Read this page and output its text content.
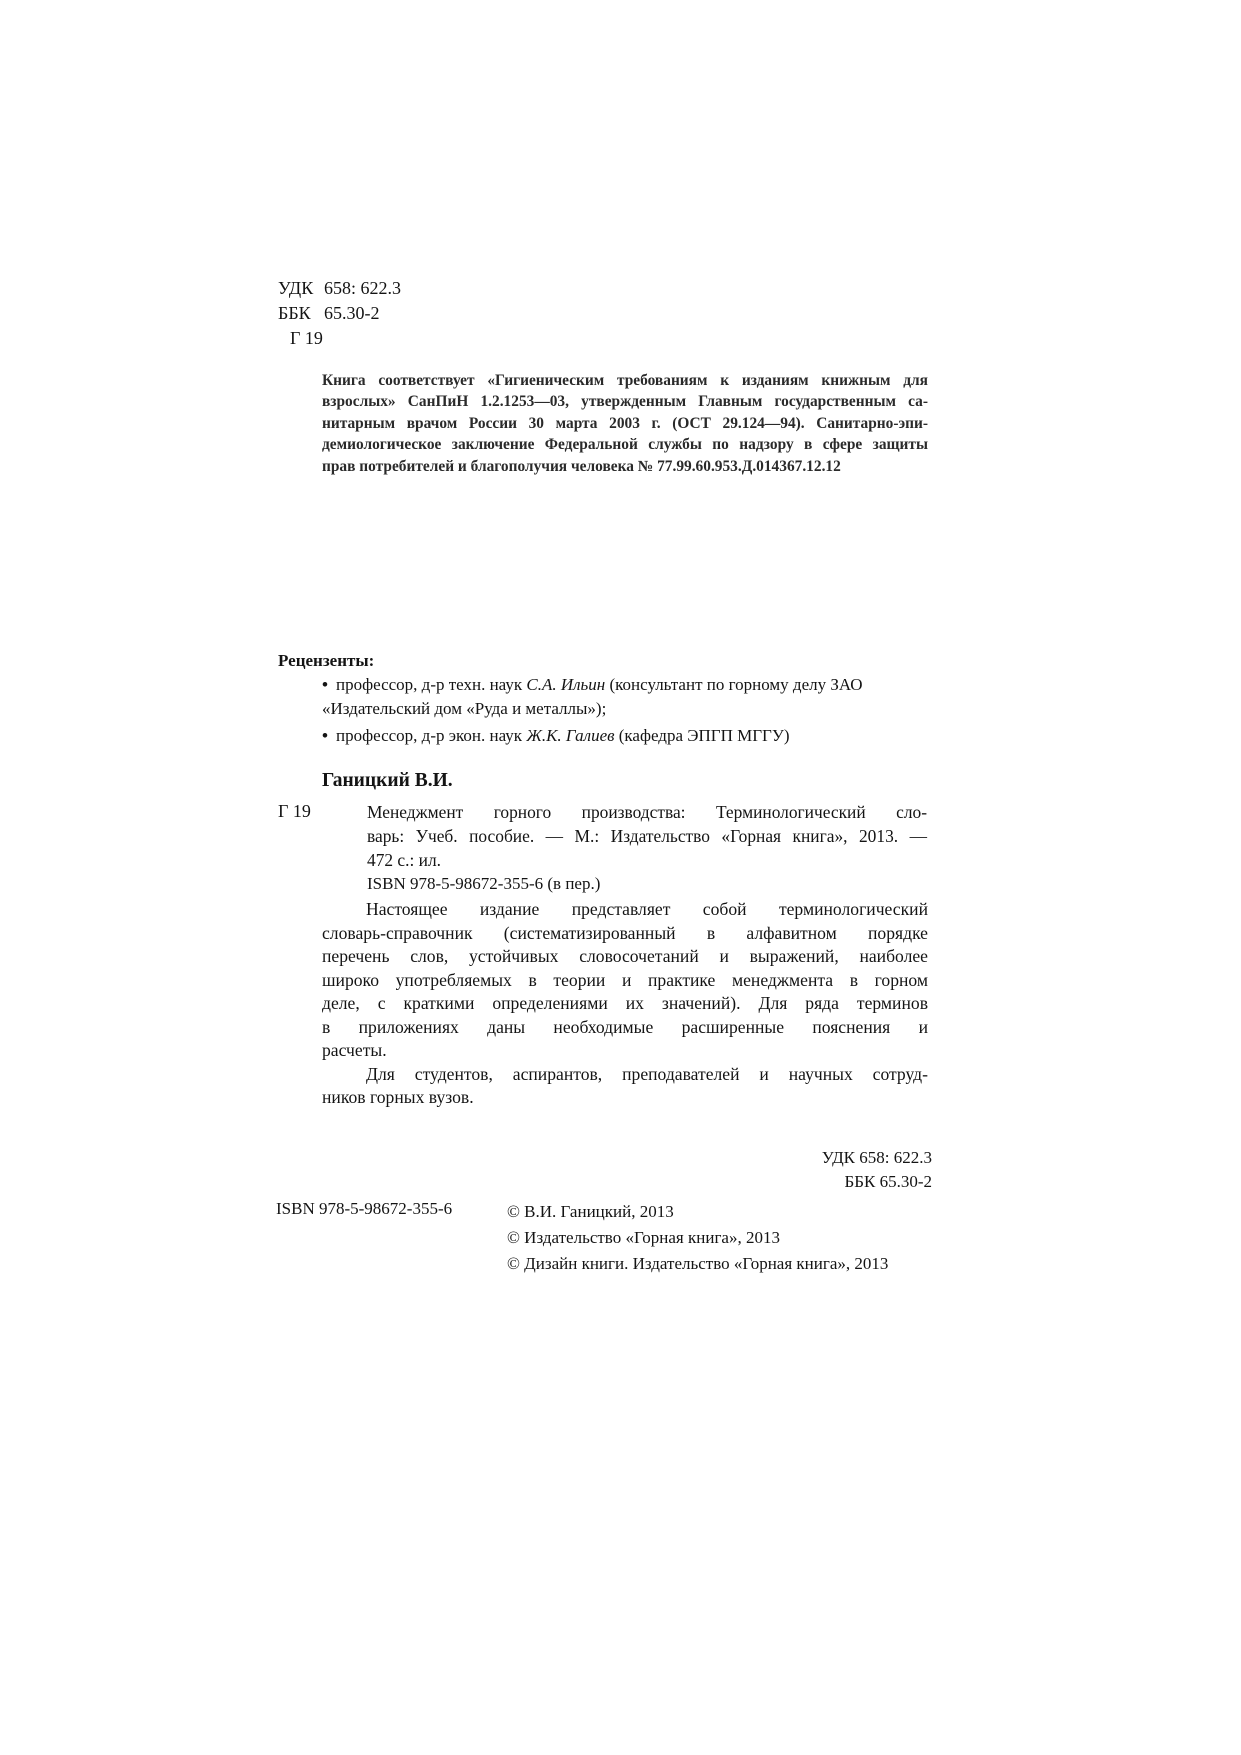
УДК 658: 622.3
ББК 65.30-2
Г 19
Книга соответствует «Гигиеническим требованиям к изданиям книжным для
взрослых» СанПиН 1.2.1253—03, утвержденным Главным государственным са-
нитарным врачом России 30 марта 2003 г. (ОСТ 29.124—94). Санитарно-эпи-
демиологическое заключение Федеральной службы по надзору в сфере защиты
прав потребителей и благополучия человека № 77.99.60.953.Д.014367.12.12
Рецензенты:
• профессор, д-р техн. наук С.А. Ильин (консультант по горному делу ЗАО
«Издательский дом «Руда и металлы»);
• профессор, д-р экон. наук Ж.К. Галиев (кафедра ЭПГП МГГУ)
Ганицкий В.И.
Г 19	Менеджмент горного производства: Терминологический сло-
варь: Учеб. пособие. — М.: Издательство «Горная книга», 2013. —
472 с.: ил.
ISBN 978-5-98672-355-6 (в пер.)
Настоящее издание представляет собой терминологический
словарь-справочник (систематизированный в алфавитном порядке
перечень слов, устойчивых словосочетаний и выражений, наиболее
широко употребляемых в теории и практике менеджмента в горном
деле, с краткими определениями их значений). Для ряда терминов
в приложениях даны необходимые расширенные пояснения и
расчеты.
Для студентов, аспирантов, преподавателей и научных сотруд-
ников горных вузов.
УДК 658: 622.3
ББК 65.30-2
ISBN 978-5-98672-355-6	© В.И. Ганицкий, 2013
© Издательство «Горная книга», 2013
© Дизайн книги. Издательство «Горная книга», 2013
